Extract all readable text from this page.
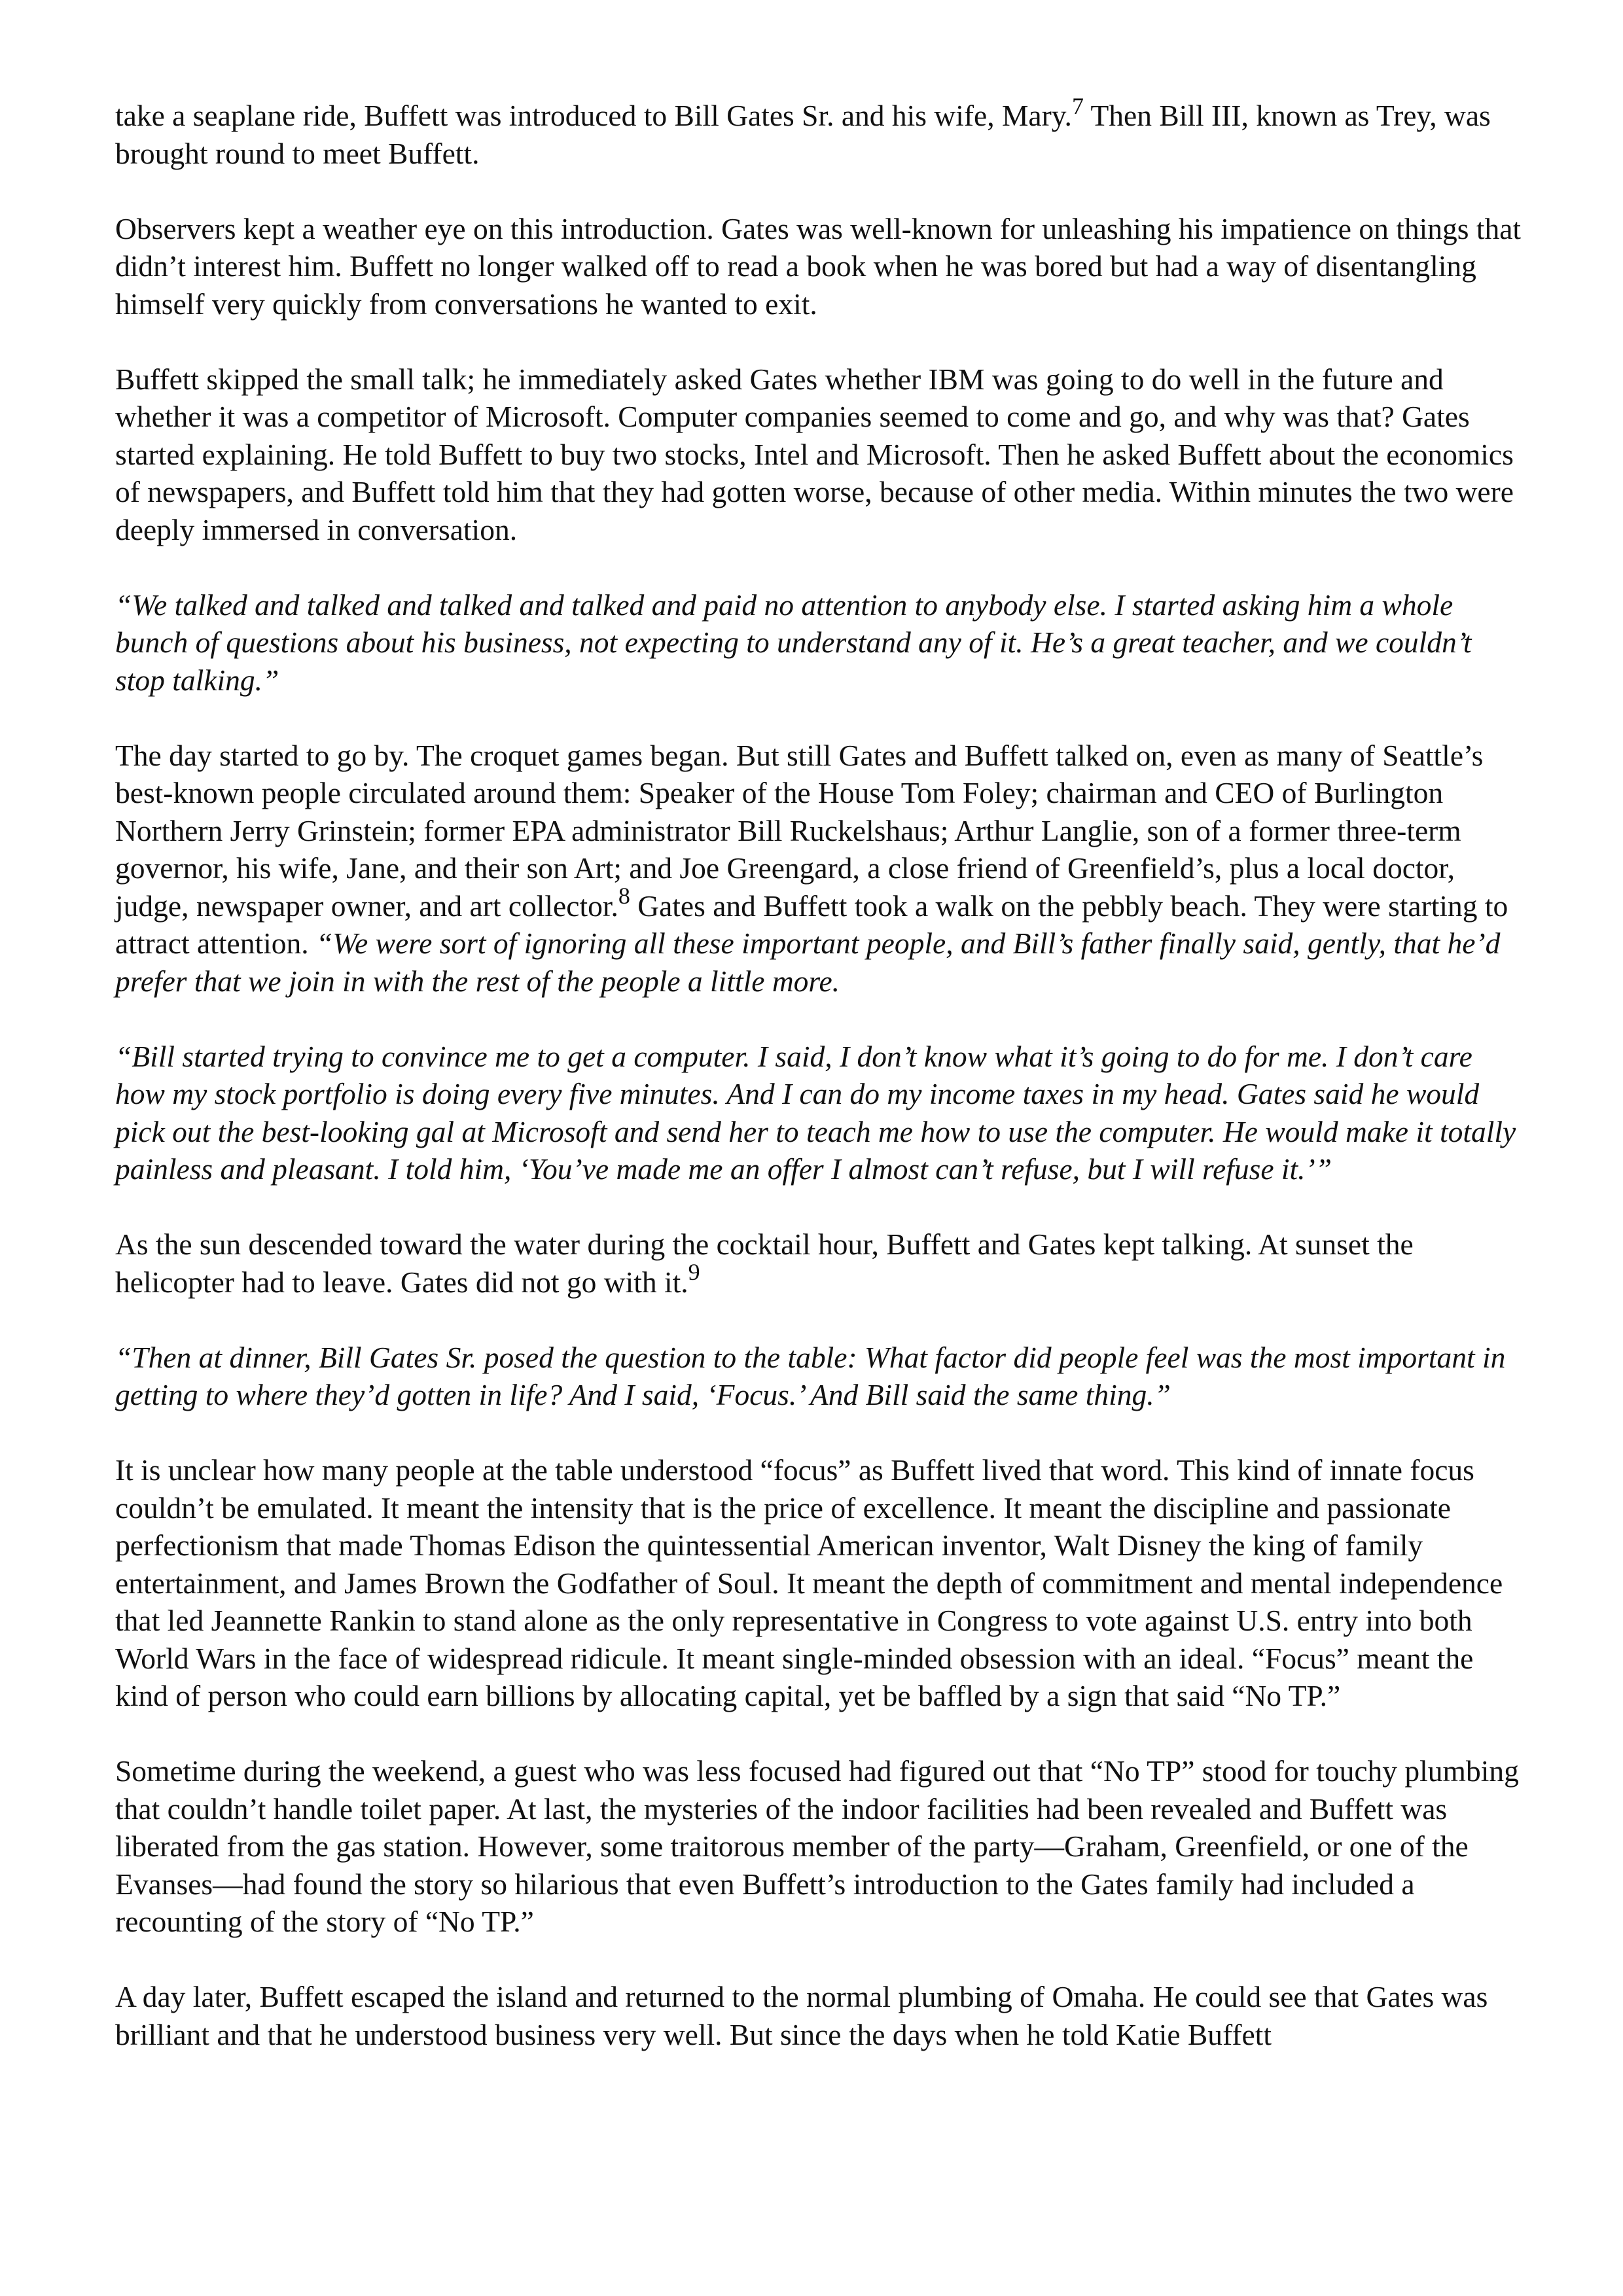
take a seaplane ride, Buffett was introduced to Bill Gates Sr. and his wife, Mary.$^7$ Then Bill III, known as Trey, was brought round to meet Buffett.

Observers kept a weather eye on this introduction. Gates was well-known for unleashing his impatience on things that didn’t interest him. Buffett no longer walked off to read a book when he was bored but had a way of disentangling himself very quickly from conversations he wanted to exit.

Buffett skipped the small talk; he immediately asked Gates whether IBM was going to do well in the future and whether it was a competitor of Microsoft. Computer companies seemed to come and go, and why was that? Gates started explaining. He told Buffett to buy two stocks, Intel and Microsoft. Then he asked Buffett about the economics of newspapers, and Buffett told him that they had gotten worse, because of other media. Within minutes the two were deeply immersed in conversation.

“We talked and talked and talked and talked and paid no attention to anybody else. I started asking him a whole bunch of questions about his business, not expecting to understand any of it. He’s a great teacher, and we couldn’t stop talking.”

The day started to go by. The croquet games began. But still Gates and Buffett talked on, even as many of Seattle’s best-known people circulated around them: Speaker of the House Tom Foley; chairman and CEO of Burlington Northern Jerry Grinstein; former EPA administrator Bill Ruckelshaus; Arthur Langlie, son of a former three-term governor, his wife, Jane, and their son Art; and Joe Greengard, a close friend of Greenfield’s, plus a local doctor, judge, newspaper owner, and art collector.$^8$ Gates and Buffett took a walk on the pebbly beach. They were starting to attract attention. “We were sort of ignoring all these important people, and Bill’s father finally said, gently, that he’d prefer that we join in with the rest of the people a little more.

“Bill started trying to convince me to get a computer. I said, I don’t know what it’s going to do for me. I don’t care how my stock portfolio is doing every five minutes. And I can do my income taxes in my head. Gates said he would pick out the best-looking gal at Microsoft and send her to teach me how to use the computer. He would make it totally painless and pleasant. I told him, ‘You’ve made me an offer I almost can’t refuse, but I will refuse it.’”

As the sun descended toward the water during the cocktail hour, Buffett and Gates kept talking. At sunset the helicopter had to leave. Gates did not go with it.$^9$

“Then at dinner, Bill Gates Sr. posed the question to the table: What factor did people feel was the most important in getting to where they’d gotten in life? And I said, ‘Focus.’ And Bill said the same thing.”

It is unclear how many people at the table understood “focus” as Buffett lived that word. This kind of innate focus couldn’t be emulated. It meant the intensity that is the price of excellence. It meant the discipline and passionate perfectionism that made Thomas Edison the quintessential American inventor, Walt Disney the king of family entertainment, and James Brown the Godfather of Soul. It meant the depth of commitment and mental independence that led Jeannette Rankin to stand alone as the only representative in Congress to vote against U.S. entry into both World Wars in the face of widespread ridicule. It meant single-minded obsession with an ideal. “Focus” meant the kind of person who could earn billions by allocating capital, yet be baffled by a sign that said “No TP.”

Sometime during the weekend, a guest who was less focused had figured out that “No TP” stood for touchy plumbing that couldn’t handle toilet paper. At last, the mysteries of the indoor facilities had been revealed and Buffett was liberated from the gas station. However, some traitorous member of the party—Graham, Greenfield, or one of the Evanses—had found the story so hilarious that even Buffett’s introduction to the Gates family had included a recounting of the story of “No TP.”

A day later, Buffett escaped the island and returned to the normal plumbing of Omaha. He could see that Gates was brilliant and that he understood business very well. But since the days when he told Katie Buffett
